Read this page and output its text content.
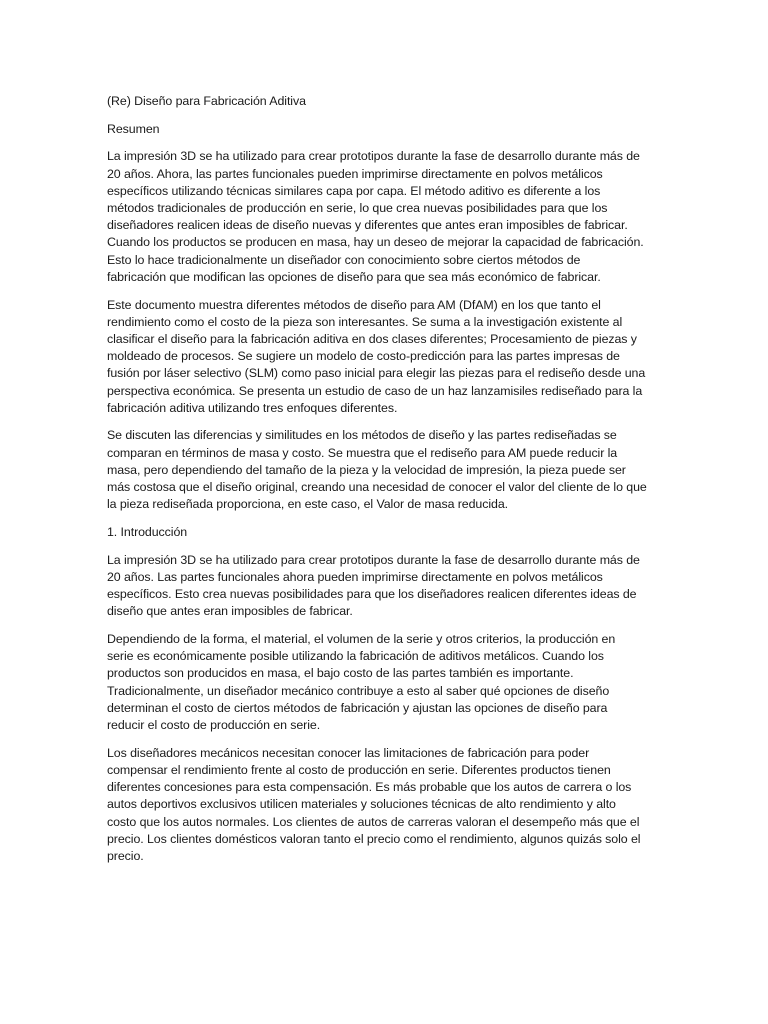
(Re) Diseño para Fabricación Aditiva
Resumen
La impresión 3D se ha utilizado para crear prototipos durante la fase de desarrollo durante más de
20 años. Ahora, las partes funcionales pueden imprimirse directamente en polvos metálicos
específicos utilizando técnicas similares capa por capa. El método aditivo es diferente a los
métodos tradicionales de producción en serie, lo que crea nuevas posibilidades para que los
diseñadores realicen ideas de diseño nuevas y diferentes que antes eran imposibles de fabricar.
Cuando los productos se producen en masa, hay un deseo de mejorar la capacidad de fabricación.
Esto lo hace tradicionalmente un diseñador con conocimiento sobre ciertos métodos de
fabricación que modifican las opciones de diseño para que sea más económico de fabricar.
Este documento muestra diferentes métodos de diseño para AM (DfAM) en los que tanto el
rendimiento como el costo de la pieza son interesantes. Se suma a la investigación existente al
clasificar el diseño para la fabricación aditiva en dos clases diferentes; Procesamiento de piezas y
moldeado de procesos. Se sugiere un modelo de costo-predicción para las partes impresas de
fusión por láser selectivo (SLM) como paso inicial para elegir las piezas para el rediseño desde una
perspectiva económica. Se presenta un estudio de caso de un haz lanzamisiles rediseñado para la
fabricación aditiva utilizando tres enfoques diferentes.
Se discuten las diferencias y similitudes en los métodos de diseño y las partes rediseñadas se
comparan en términos de masa y costo. Se muestra que el rediseño para AM puede reducir la
masa, pero dependiendo del tamaño de la pieza y la velocidad de impresión, la pieza puede ser
más costosa que el diseño original, creando una necesidad de conocer el valor del cliente de lo que
la pieza rediseñada proporciona, en este caso, el Valor de masa reducida.
1. Introducción
La impresión 3D se ha utilizado para crear prototipos durante la fase de desarrollo durante más de
20 años. Las partes funcionales ahora pueden imprimirse directamente en polvos metálicos
específicos. Esto crea nuevas posibilidades para que los diseñadores realicen diferentes ideas de
diseño que antes eran imposibles de fabricar.
Dependiendo de la forma, el material, el volumen de la serie y otros criterios, la producción en
serie es económicamente posible utilizando la fabricación de aditivos metálicos. Cuando los
productos son producidos en masa, el bajo costo de las partes también es importante.
Tradicionalmente, un diseñador mecánico contribuye a esto al saber qué opciones de diseño
determinan el costo de ciertos métodos de fabricación y ajustan las opciones de diseño para
reducir el costo de producción en serie.
Los diseñadores mecánicos necesitan conocer las limitaciones de fabricación para poder
compensar el rendimiento frente al costo de producción en serie. Diferentes productos tienen
diferentes concesiones para esta compensación. Es más probable que los autos de carrera o los
autos deportivos exclusivos utilicen materiales y soluciones técnicas de alto rendimiento y alto
costo que los autos normales. Los clientes de autos de carreras valoran el desempeño más que el
precio. Los clientes domésticos valoran tanto el precio como el rendimiento, algunos quizás solo el
precio.
